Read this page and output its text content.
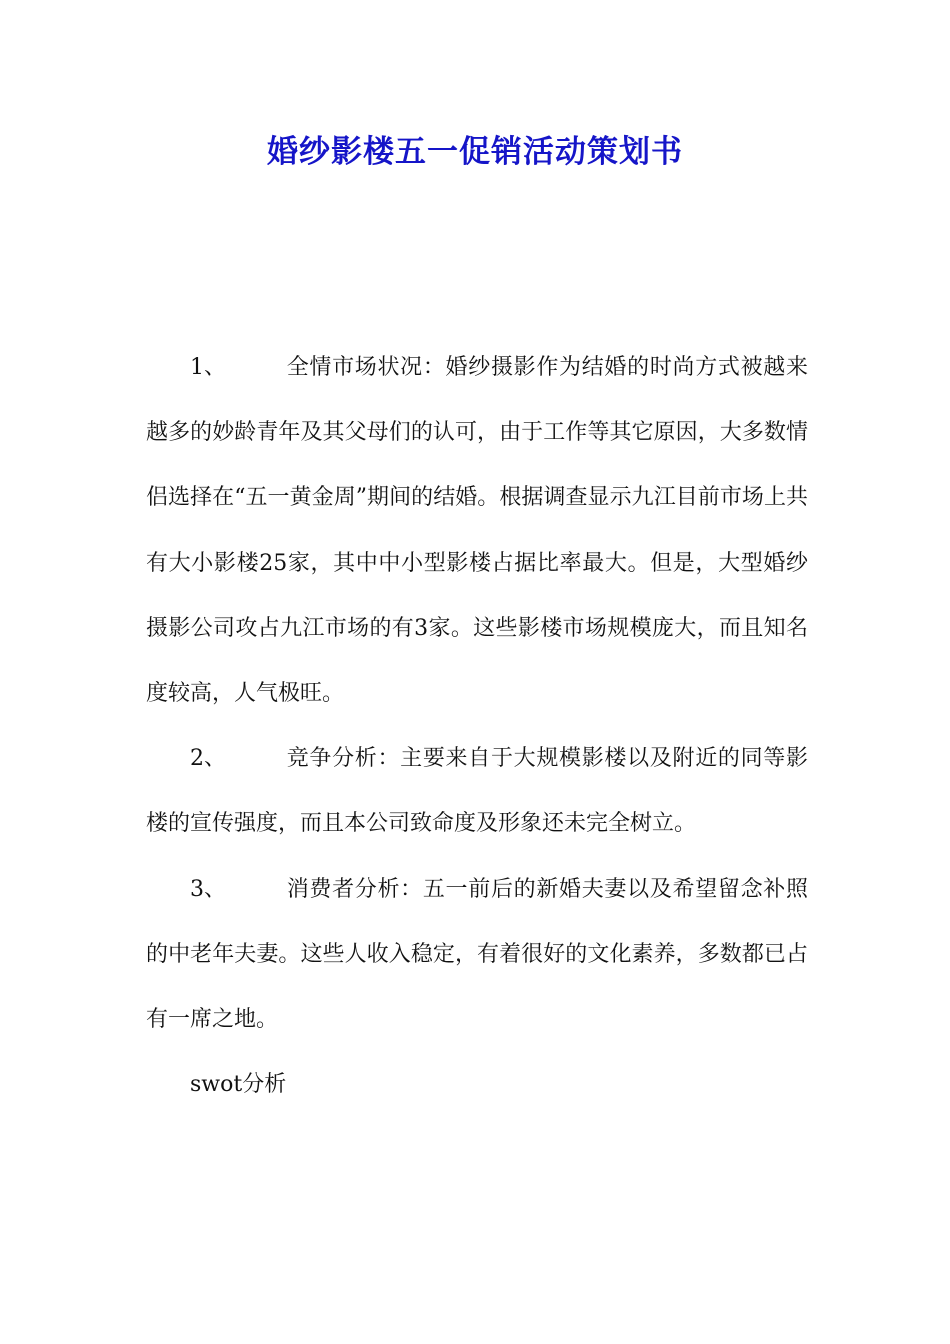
婚纱影楼五一促销活动策划书

1、	全情市场状况：婚纱摄影作为结婚的时尚方式被越来越多的妙龄青年及其父母们的认可，由于工作等其它原因，大多数情侣选择在“五一黄金周”期间的结婚。根据调查显示九江目前市场上共有大小影楼25家，其中中小型影楼占据比率最大。但是，大型婚纱摄影公司攻占九江市场的有3家。这些影楼市场规模庞大，而且知名度较高，人气极旺。

2、	竞争分析：主要来自于大规模影楼以及附近的同等影楼的宣传强度，而且本公司致命度及形象还未完全树立。

3、	消费者分析：五一前后的新婚夫妻以及希望留念补照的中老年夫妻。这些人收入稳定，有着很好的文化素养，多数都已占有一席之地。

swot分析
